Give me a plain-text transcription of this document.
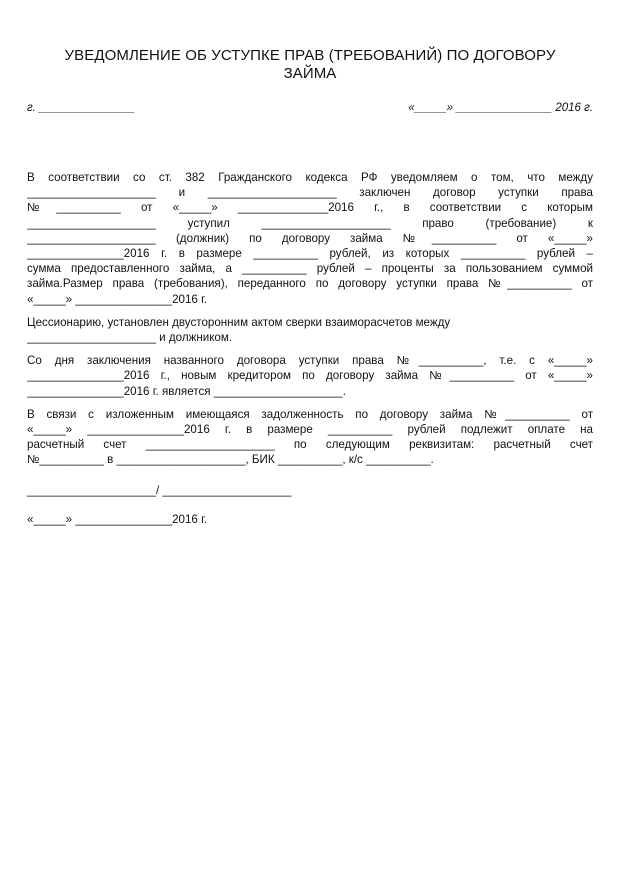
УВЕДОМЛЕНИЕ ОБ УСТУПКЕ ПРАВ (ТРЕБОВАНИЙ) ПО ДОГОВОРУ
ЗАЙМА
г. _______________	«_____» _______________ 2016 г.

В соответствии со ст. 382 Гражданского кодекса РФ уведомляем о том, что между
____________________ и ____________________ заключен договор уступки права
№__________ от «_____» ______________2016 г., в соответствии с которым
____________________ уступил ____________________ право (требование) к
____________________ (должник) по договору займа №__________ от «_____»
_______________2016 г. в размере __________ рублей, из которых __________ рублей –
сумма предоставленного займа, а __________ рублей – проценты за пользованием суммой
займа.Размер права (требования), переданного по договору уступки права №__________ от
«_____» _______________2016 г.

Цессионарию, установлен двусторонним актом сверки взаиморасчетов между
____________________ и должником.

Со дня заключения названного договора уступки права №__________, т.е. с «_____»
_______________2016 г., новым кредитором по договору займа №__________ от «_____»
_______________2016 г. является ____________________.

В связи с изложенным имеющаяся задолженность по договору займа №__________ от
«_____» _______________2016 г. в размере __________ рублей подлежит оплате на
расчетный счет ____________________ по следующим реквизитам: расчетный счет
№__________ в ____________________, БИК __________, к/с __________.

____________________/ ____________________
«_____» _______________2016 г.
